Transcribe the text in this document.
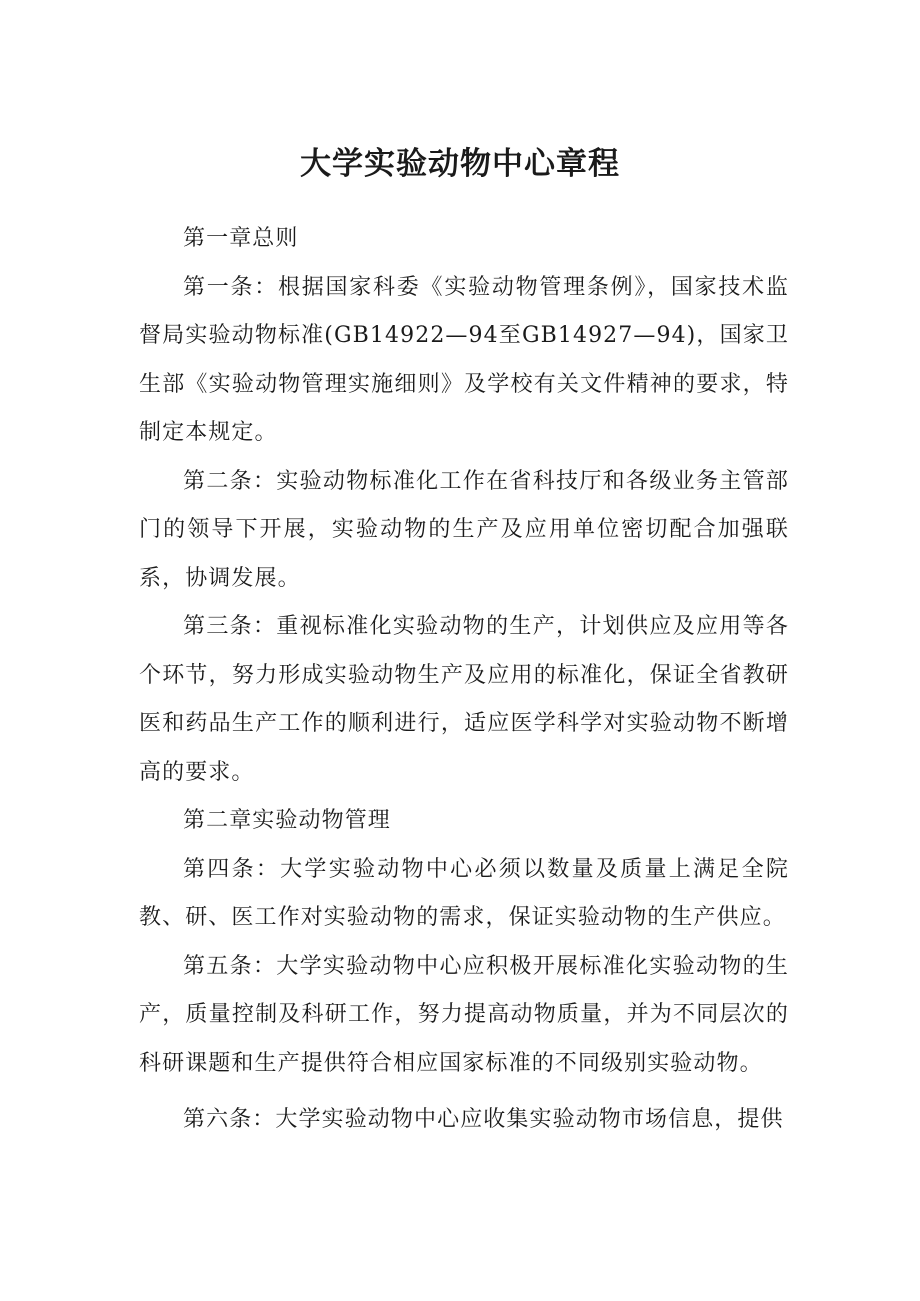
大学实验动物中心章程

第一章总则

第一条：根据国家科委《实验动物管理条例》，国家技术监督局实验动物标准(GB14922—94至GB14927—94)，国家卫生部《实验动物管理实施细则》及学校有关文件精神的要求，特制定本规定。

第二条：实验动物标准化工作在省科技厅和各级业务主管部门的领导下开展，实验动物的生产及应用单位密切配合加强联系，协调发展。

第三条：重视标准化实验动物的生产，计划供应及应用等各个环节，努力形成实验动物生产及应用的标准化，保证全省教研医和药品生产工作的顺利进行，适应医学科学对实验动物不断增高的要求。

第二章实验动物管理

第四条：大学实验动物中心必须以数量及质量上满足全院教、研、医工作对实验动物的需求，保证实验动物的生产供应。

第五条：大学实验动物中心应积极开展标准化实验动物的生产，质量控制及科研工作，努力提高动物质量，并为不同层次的科研课题和生产提供符合相应国家标准的不同级别实验动物。

第六条：大学实验动物中心应收集实验动物市场信息，提供
